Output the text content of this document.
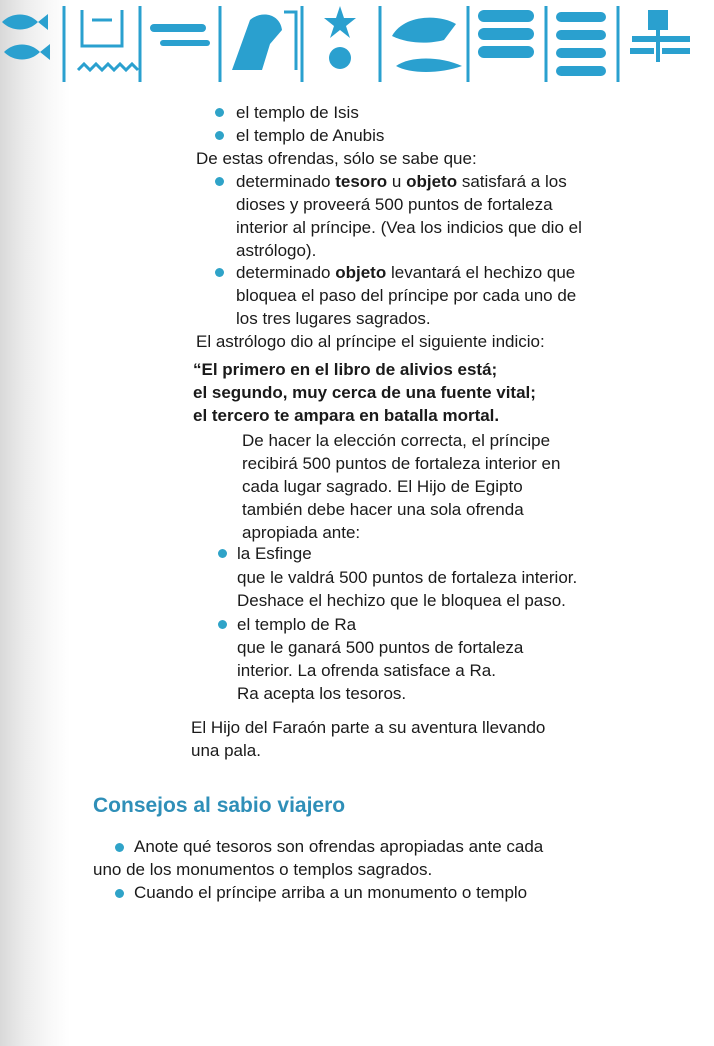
el templo de Isis
el templo de Anubis
De estas ofrendas, sólo se sabe que:
determinado tesoro u objeto satisfará a los
dioses y proveerá 500 puntos de fortaleza
interior al príncipe. (Vea los indicios que dio el
astrólogo).
determinado objeto levantará el hechizo que
bloquea el paso del príncipe por cada uno de
los tres lugares sagrados.
El astrólogo dio al príncipe el siguiente indicio:
“El primero en el libro de alivios está;
el segundo, muy cerca de una fuente vital;
el tercero te ampara en batalla mortal.
De hacer la elección correcta, el príncipe
recibirá 500 puntos de fortaleza interior en
cada lugar sagrado. El Hijo de Egipto
también debe hacer una sola ofrenda
apropiada ante:
la Esfinge
que le valdrá 500 puntos de fortaleza interior.
Deshace el hechizo que le bloquea el paso.
el templo de Ra
que le ganará 500 puntos de fortaleza
interior. La ofrenda satisface a Ra.
Ra acepta los tesoros.
El Hijo del Faraón parte a su aventura llevando
una pala.
Consejos al sabio viajero
Anote qué tesoros son ofrendas apropiadas ante cada
uno de los monumentos o templos sagrados.
Cuando el príncipe arriba a un monumento o templo
